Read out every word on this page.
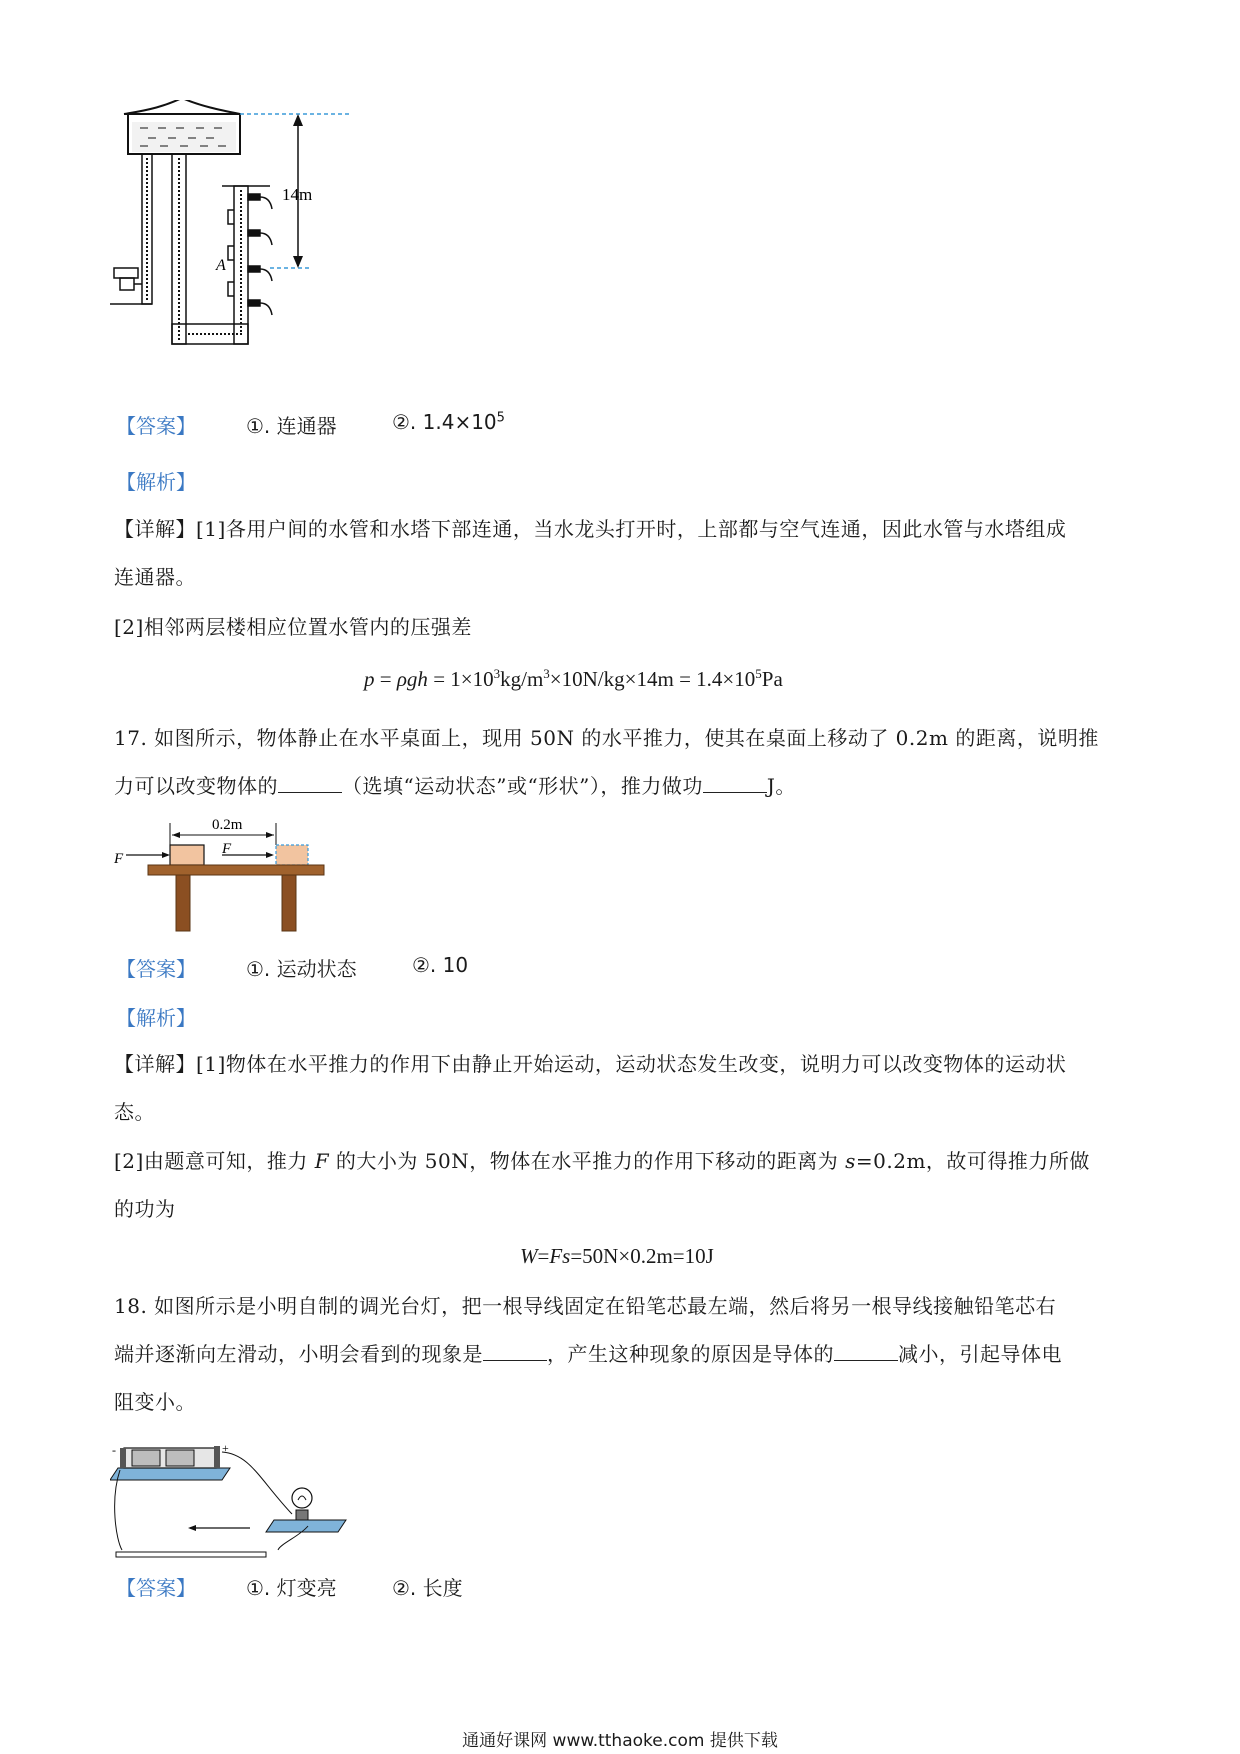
14m
A
【答案】	①. 连通器	②. $1.4\times 10^5$
【解析】
【详解】[1]各用户间的水管和水塔下部连通，当水龙头打开时，上部都与空气连通，因此水管与水塔组成
连通器。
[2]相邻两层楼相应位置水管内的压强差
$p = \rho gh = 1\times 10^3kg/m^3\times 10N/kg\times 14m = 1.4\times 10^5Pa$
17. 如图所示，物体静止在水平桌面上，现用 50N 的水平推力，使其在桌面上移动了 0.2m 的距离，说明推
力可以改变物体的	（选填“运动状态”或“形状”），推力做功	J。
0.2m
F
F
【答案】	①. 运动状态	②. 10
【解析】
【详解】[1]物体在水平推力的作用下由静止开始运动，运动状态发生改变，说明力可以改变物体的运动状
态。
[2]由题意可知，推力 F 的大小为 50N，物体在水平推力的作用下移动的距离为 s=0.2m，故可得推力所做
的功为
W=Fs=50N×0.2m=10J
18. 如图所示是小明自制的调光台灯，把一根导线固定在铅笔芯最左端，然后将另一根导线接触铅笔芯右
端并逐渐向左滑动，小明会看到的现象是	，产生这种现象的原因是导体的	减小，引起导体电
阻变小。
-	+
【答案】	①. 灯变亮	②. 长度
通通好课网 www.tthaoke.com 提供下载
